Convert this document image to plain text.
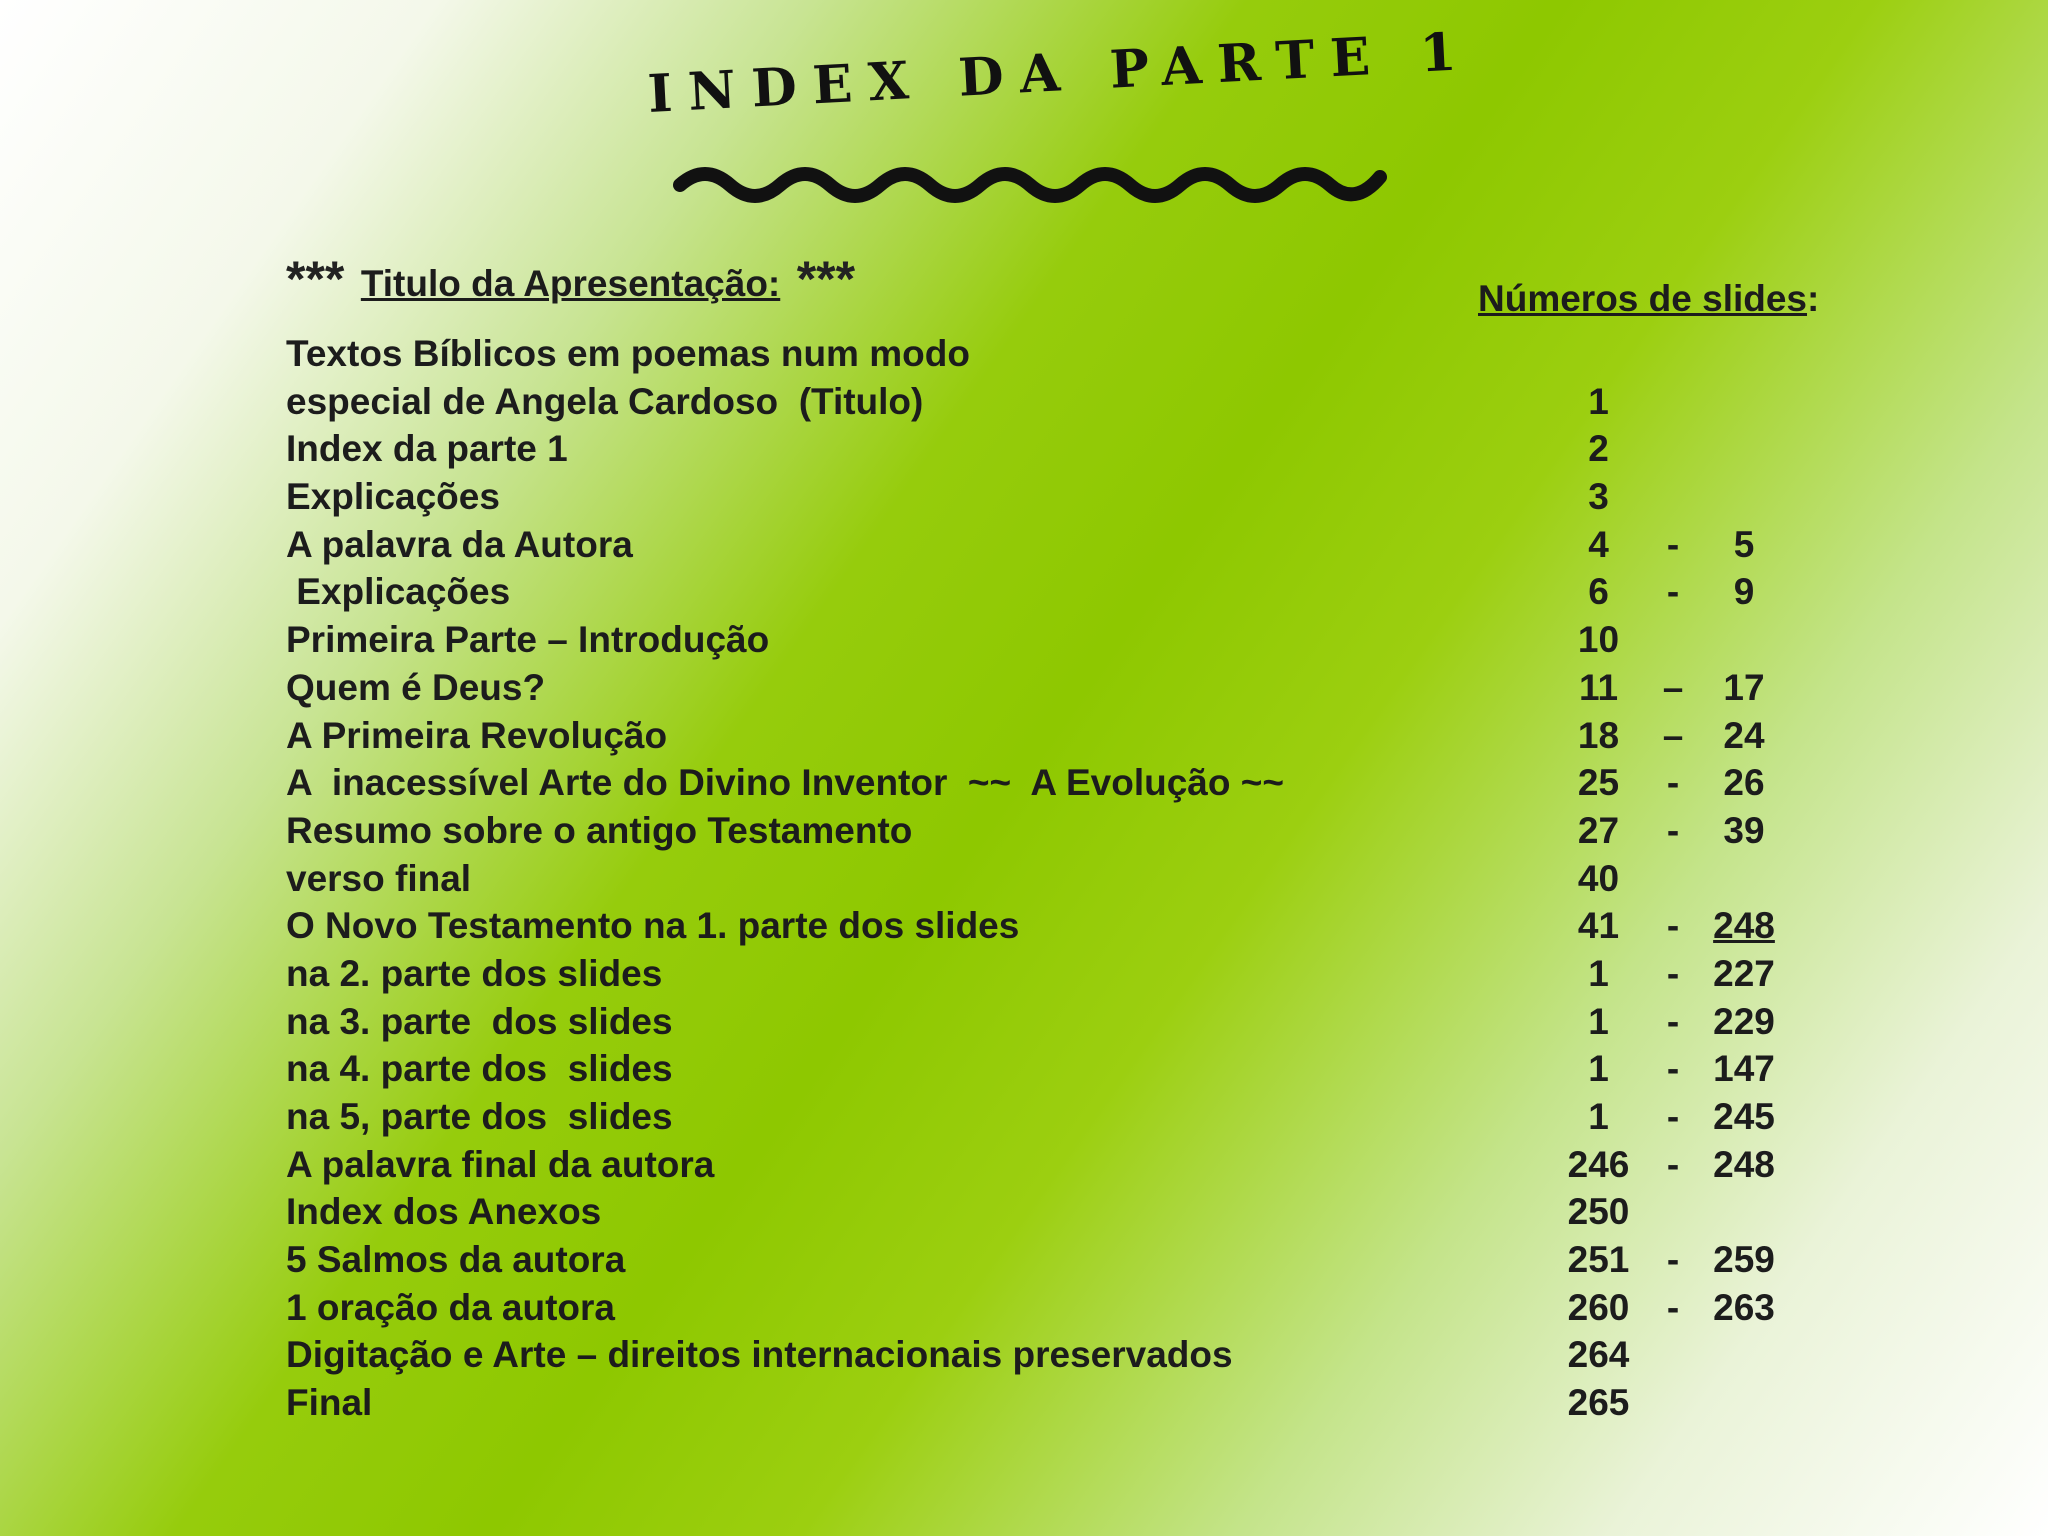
INDEX DA PARTE 1
*** Titulo da Apresentação: ***	Números de slides:
Textos Bíblicos em poemas num modo
especial de Angela Cardoso  (Titulo)	1
Index da parte 1	2
Explicações	3
A palavra da Autora	4	-	5
Explicações	6	-	9
Primeira Parte – Introdução	10
Quem é Deus?	11	–	17
A Primeira Revolução	18	–	24
A  inacessível Arte do Divino Inventor  ~~  A Evolução ~~	25	-	26
Resumo sobre o antigo Testamento	27	-	39
verso final	40
O Novo Testamento na 1. parte dos slides	41	- 248
na 2. parte dos slides	1	- 227
na 3. parte  dos slides	1	- 229
na 4. parte dos  slides	1	- 147
na 5, parte dos  slides	1	- 245
A palavra final da autora	246	- 248
Index dos Anexos	250
5 Salmos da autora	251	- 259
1 oração da autora	260	- 263
Digitação e Arte – direitos internacionais preservados	264
Final	265
